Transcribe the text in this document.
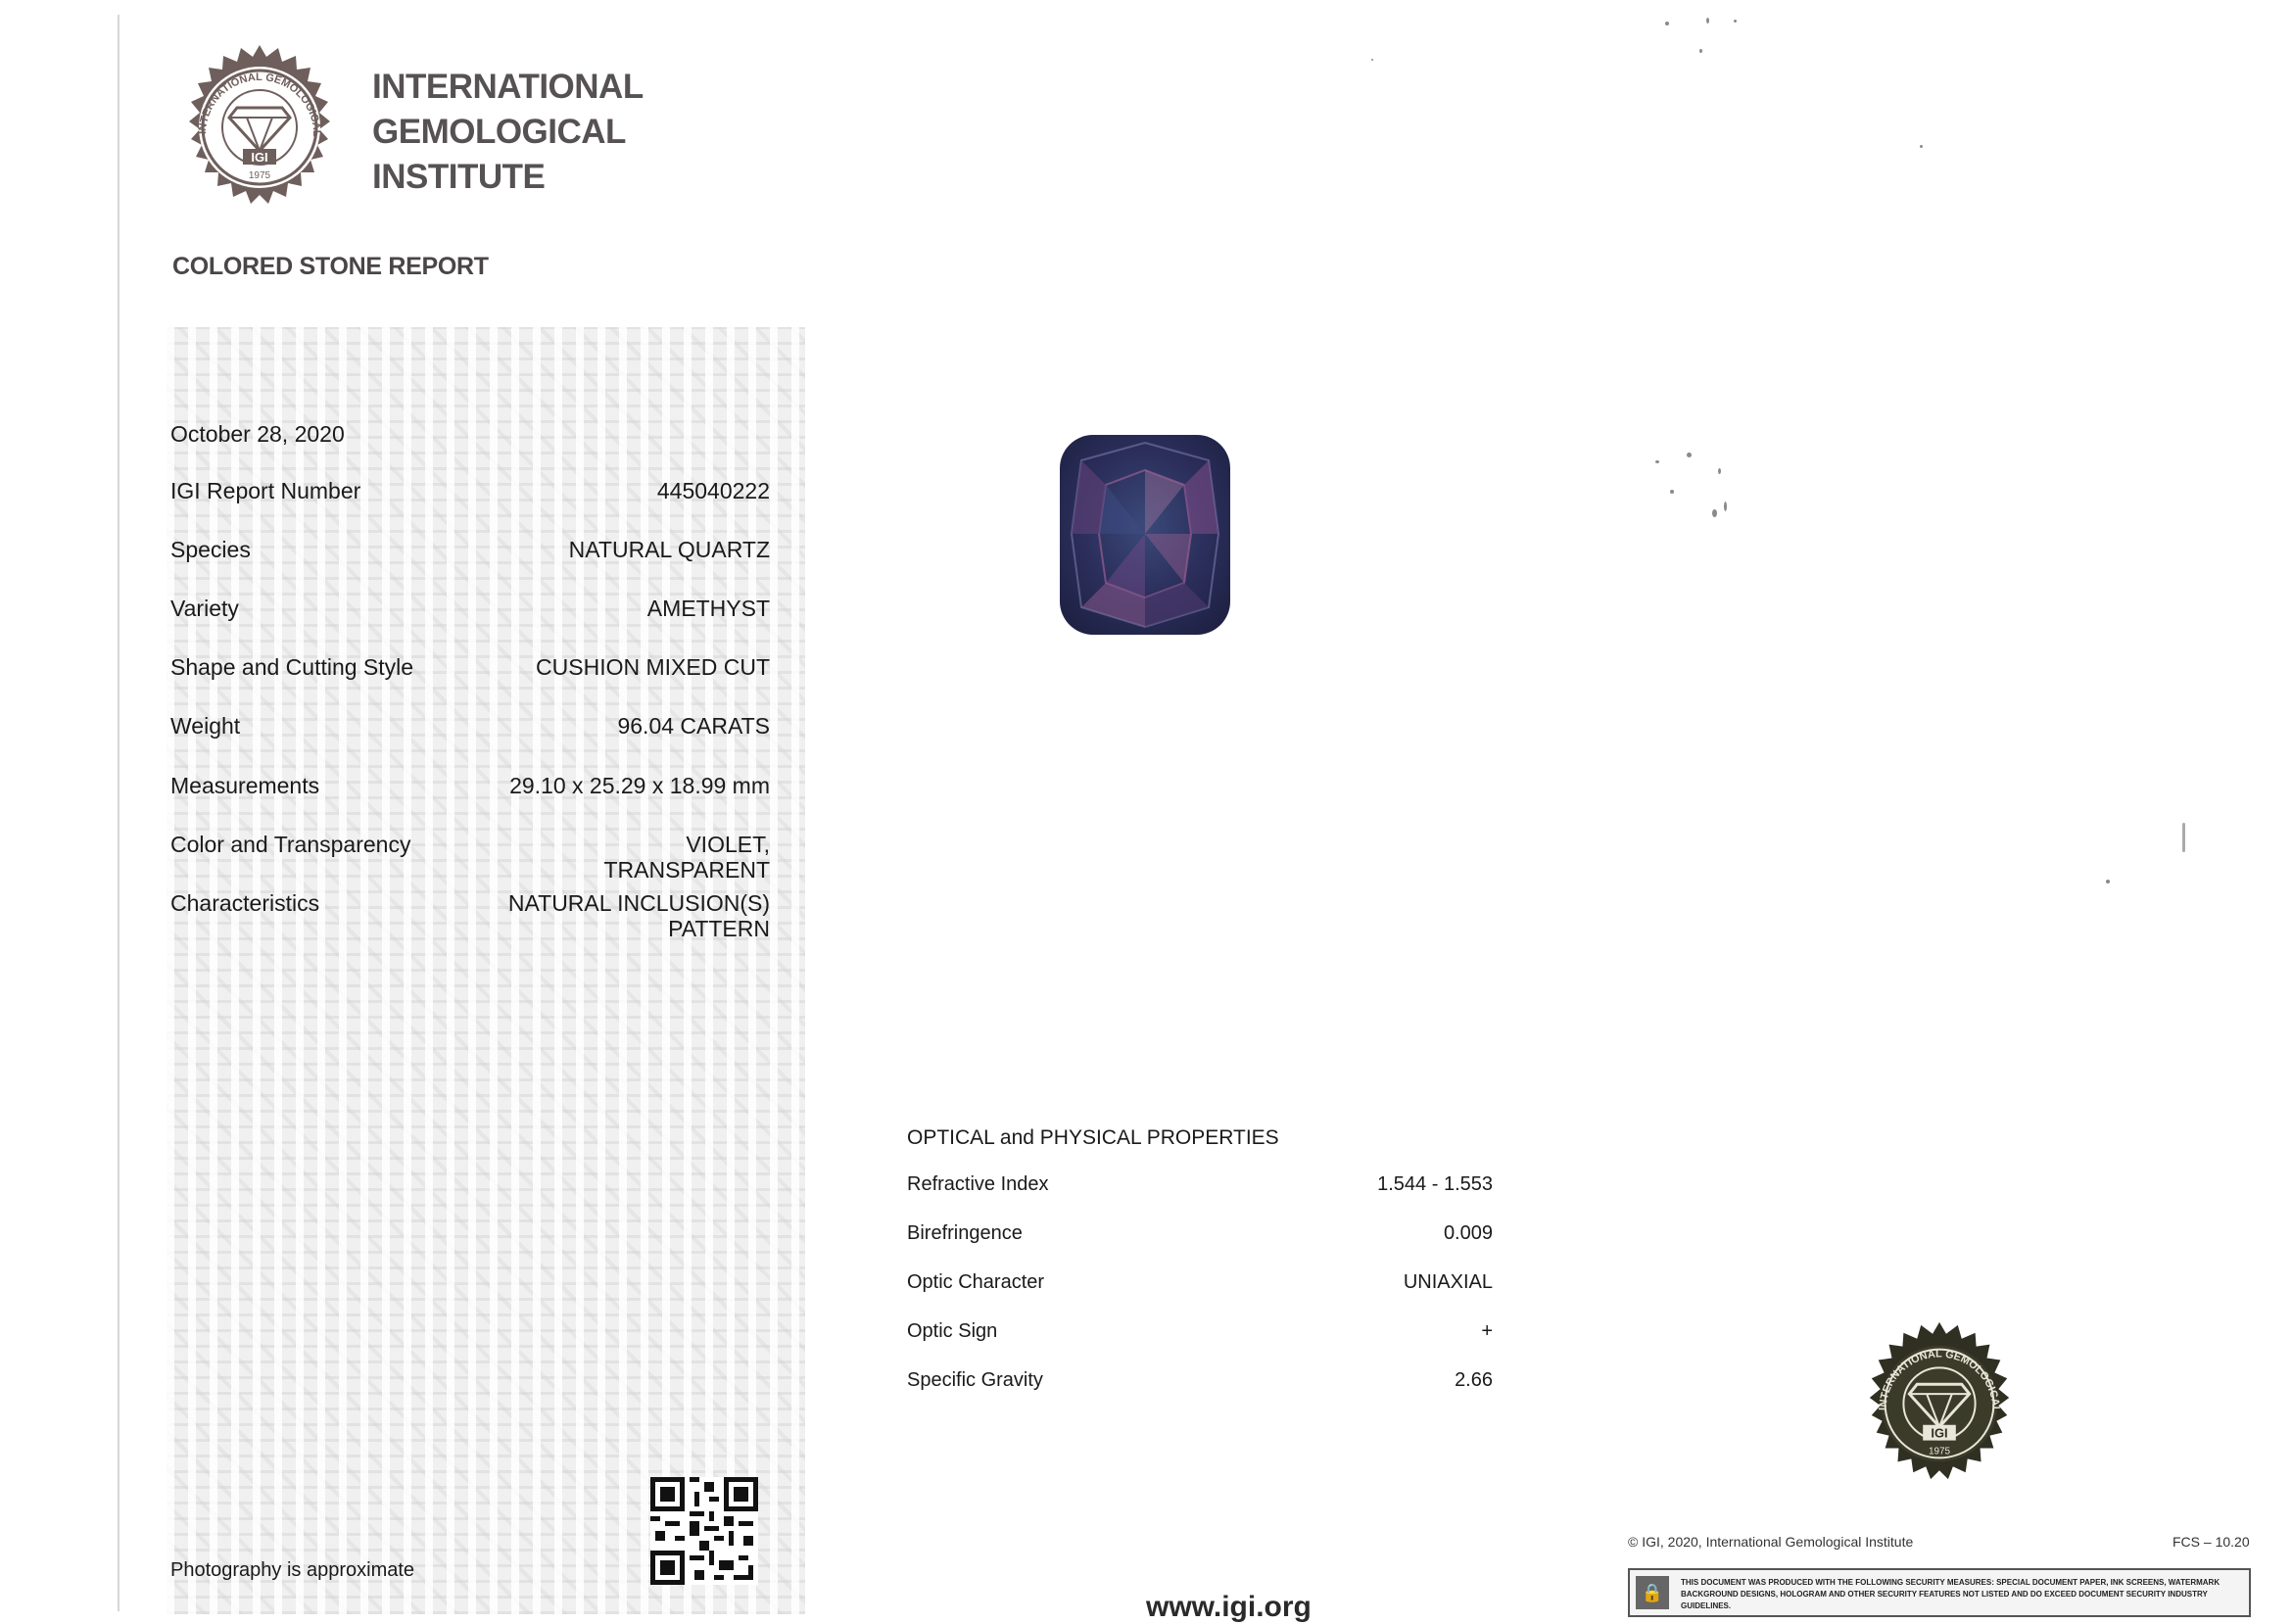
INTERNATIONAL GEMOLOGICAL
IGI
1975
INTERNATIONAL
GEMOLOGICAL
INSTITUTE
COLORED STONE REPORT
October 28, 2020
IGI Report Number	445040222
Species	NATURAL QUARTZ
Variety	AMETHYST
Shape and Cutting Style	CUSHION MIXED CUT
Weight	96.04 CARATS
Measurements	29.10 x 25.29 x 18.99 mm
Color and Transparency	VIOLET,
TRANSPARENT
Characteristics	NATURAL INCLUSION(S)
PATTERN
Photography is approximate
OPTICAL and PHYSICAL PROPERTIES
Refractive Index	1.544 - 1.553
Birefringence	0.009
Optic Character	UNIAXIAL
Optic Sign	+
Specific Gravity	2.66
INTERNATIONAL GEMOLOGICAL
IGI
1975
© IGI, 2020, International Gemological Institute	FCS – 10.20
🔒
THIS DOCUMENT WAS PRODUCED WITH THE FOLLOWING SECURITY MEASURES: SPECIAL DOCUMENT PAPER, INK SCREENS, WATERMARK
BACKGROUND DESIGNS, HOLOGRAM AND OTHER SECURITY FEATURES NOT LISTED AND DO EXCEED DOCUMENT SECURITY INDUSTRY GUIDELINES.
www.igi.org
